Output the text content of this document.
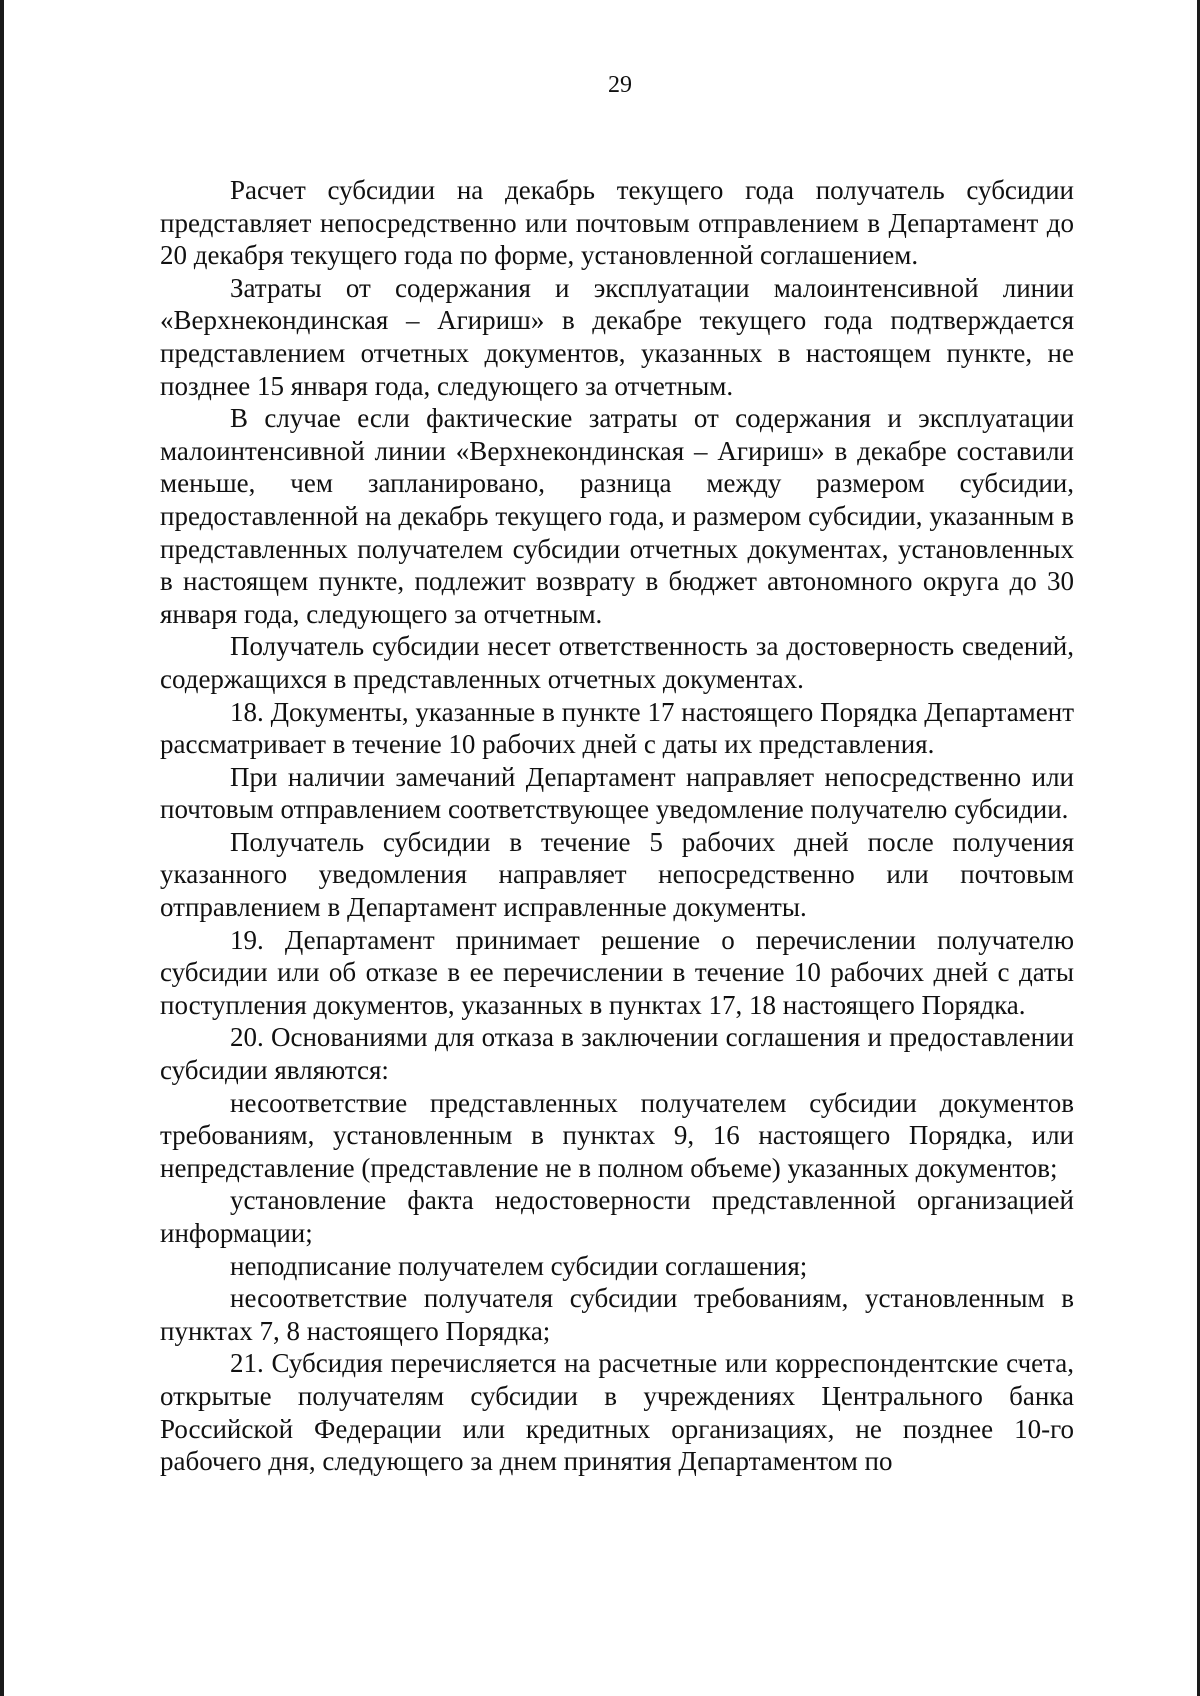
29

Расчет субсидии на декабрь текущего года получатель субсидии представляет непосредственно или почтовым отправлением в Департамент до 20 декабря текущего года по форме, установленной соглашением.

Затраты от содержания и эксплуатации малоинтенсивной линии «Верхнекондинская – Агириш» в декабре текущего года подтверждается представлением отчетных документов, указанных в настоящем пункте, не позднее 15 января года, следующего за отчетным.

В случае если фактические затраты от содержания и эксплуатации малоинтенсивной линии «Верхнекондинская – Агириш» в декабре составили меньше, чем запланировано, разница между размером субсидии, предоставленной на декабрь текущего года, и размером субсидии, указанным в представленных получателем субсидии отчетных документах, установленных в настоящем пункте, подлежит возврату в бюджет автономного округа до 30 января года, следующего за отчетным.

Получатель субсидии несет ответственность за достоверность сведений, содержащихся в представленных отчетных документах.

18. Документы, указанные в пункте 17 настоящего Порядка Департамент рассматривает в течение 10 рабочих дней с даты их представления.

При наличии замечаний Департамент направляет непосредственно или почтовым отправлением соответствующее уведомление получателю субсидии.

Получатель субсидии в течение 5 рабочих дней после получения указанного уведомления направляет непосредственно или почтовым отправлением в Департамент исправленные документы.

19. Департамент принимает решение о перечислении получателю субсидии или об отказе в ее перечислении в течение 10 рабочих дней с даты поступления документов, указанных в пунктах 17, 18 настоящего Порядка.

20. Основаниями для отказа в заключении соглашения и предоставлении субсидии являются:

несоответствие представленных получателем субсидии документов требованиям, установленным в пунктах 9, 16 настоящего Порядка, или непредставление (представление не в полном объеме) указанных документов;

установление факта недостоверности представленной организацией информации;

неподписание получателем субсидии соглашения;

несоответствие получателя субсидии требованиям, установленным в пунктах 7, 8 настоящего Порядка;

21. Субсидия перечисляется на расчетные или корреспондентские счета, открытые получателям субсидии в учреждениях Центрального банка Российской Федерации или кредитных организациях, не позднее 10-го рабочего дня, следующего за днем принятия Департаментом по
